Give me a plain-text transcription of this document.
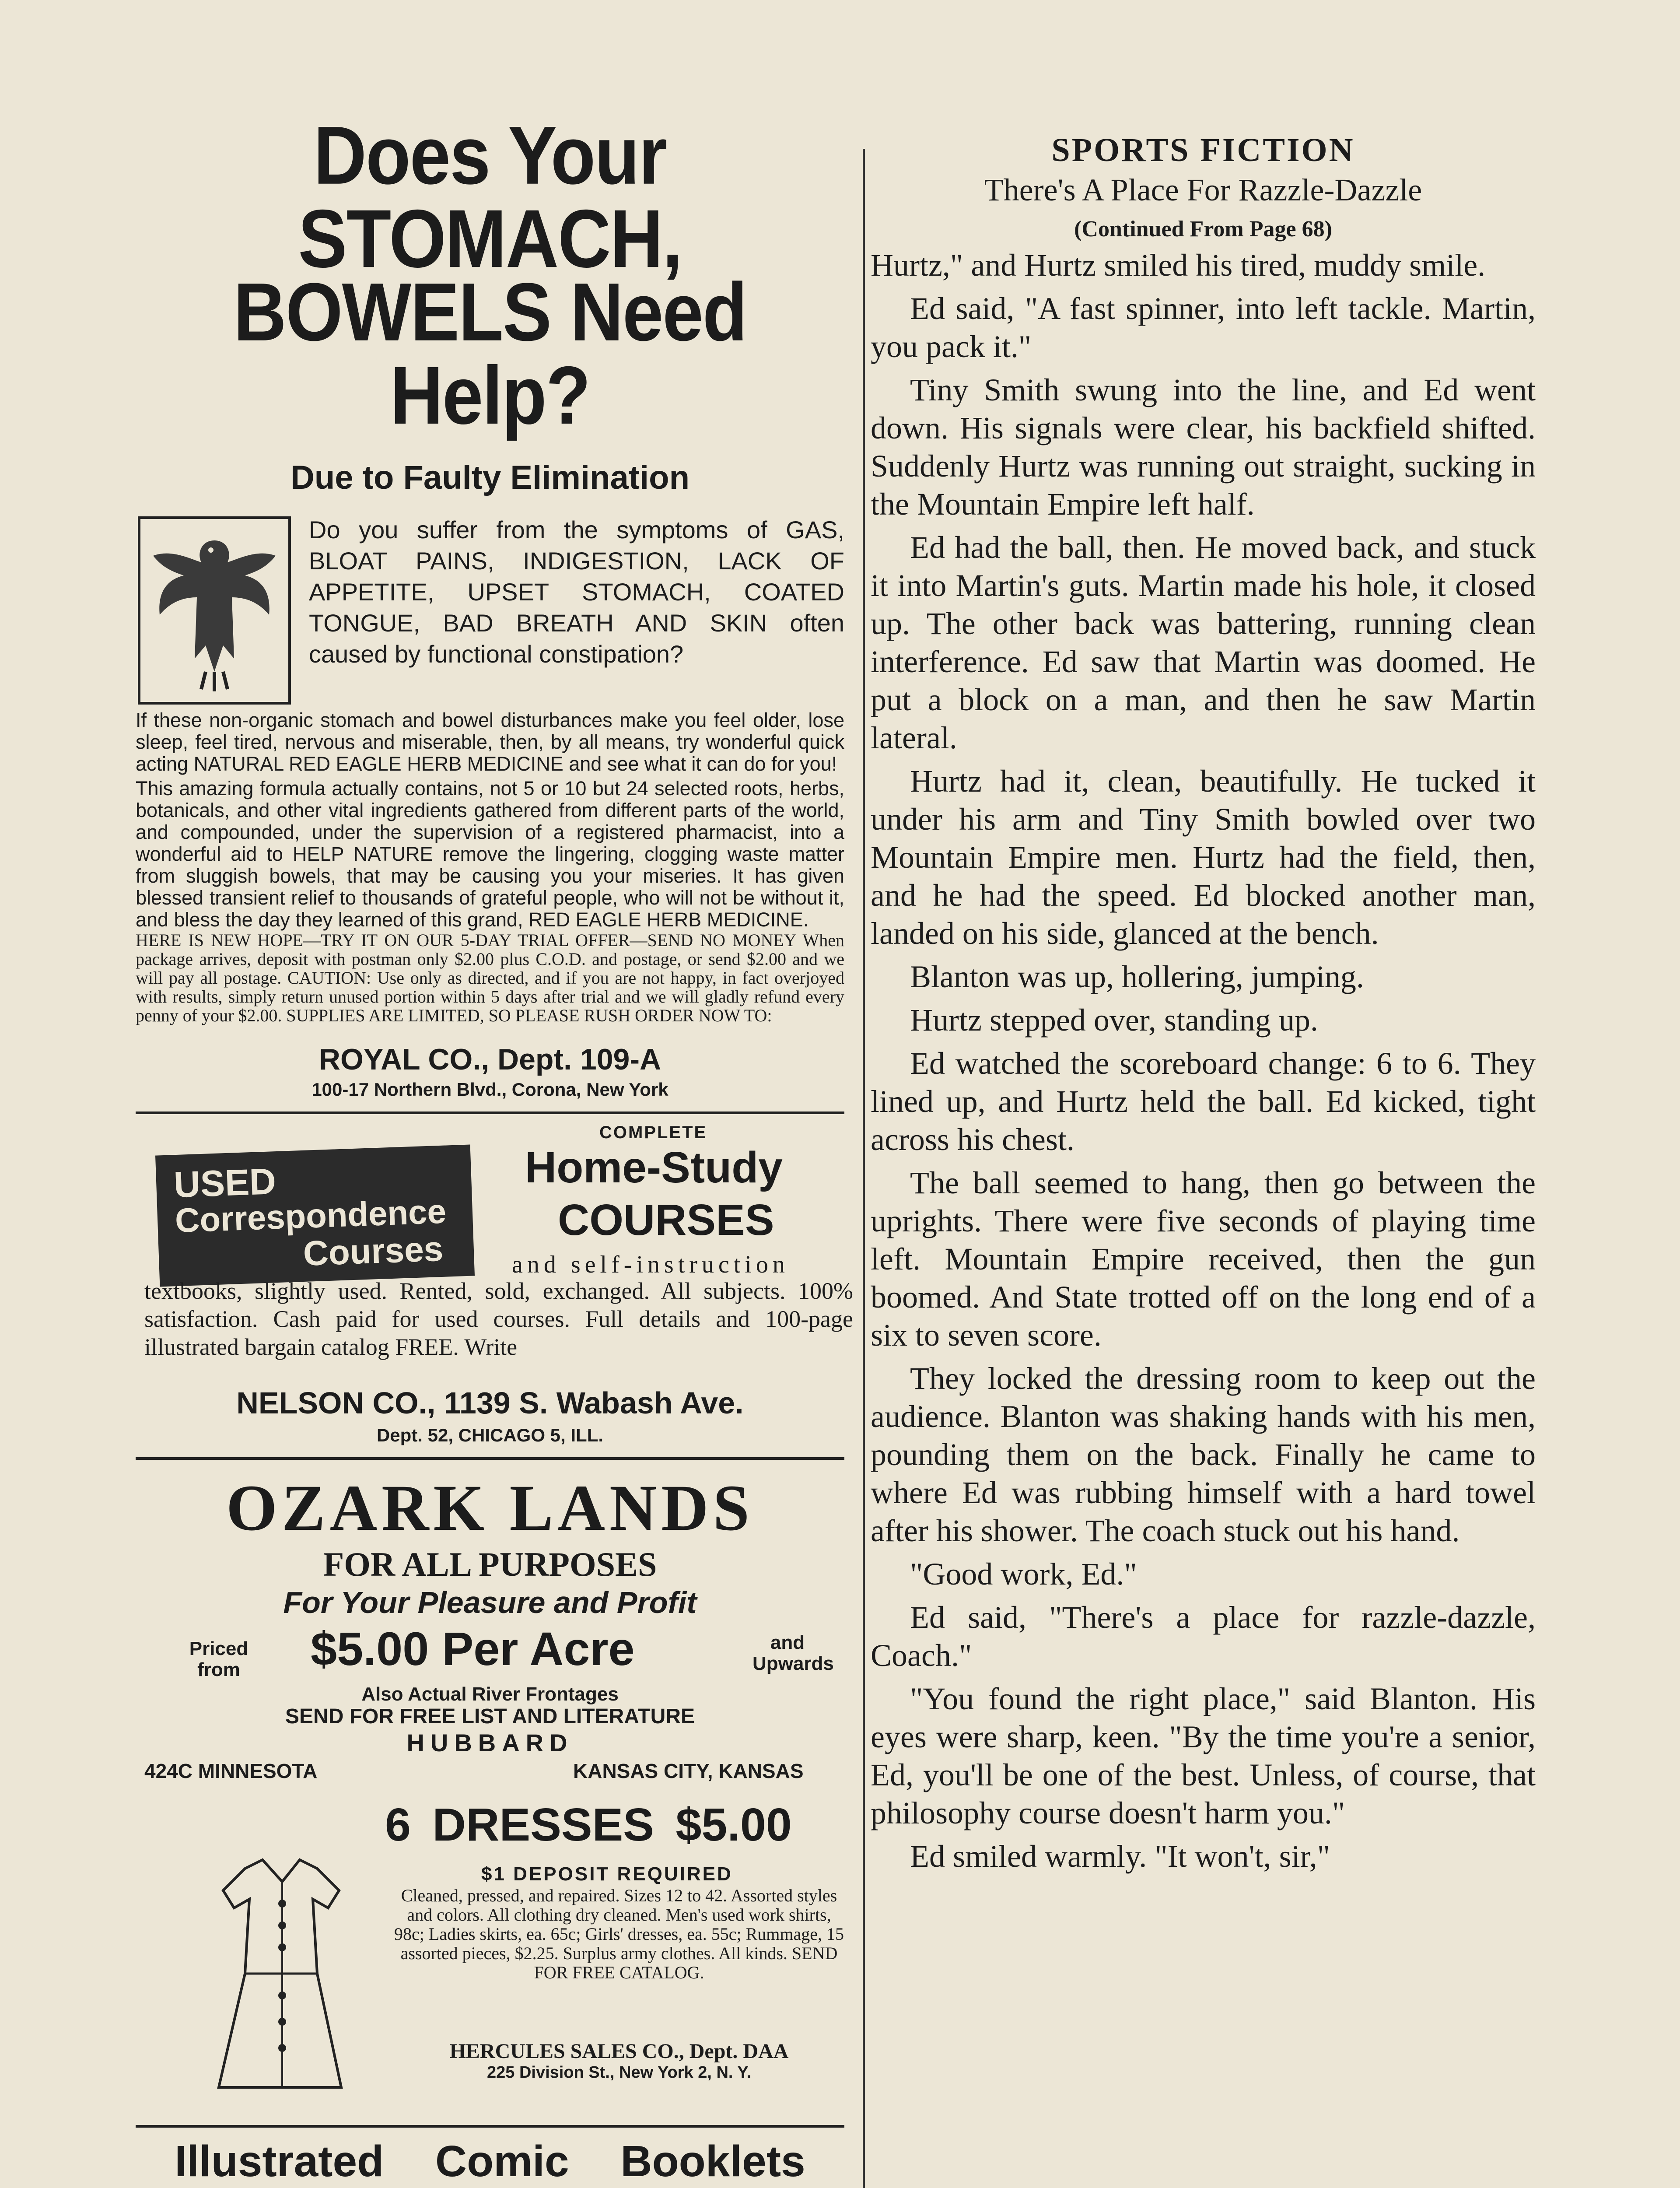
Does Your STOMACH,
BOWELS Need Help?
Due to Faulty Elimination
Do you suffer from the symptoms of GAS, BLOAT PAINS, INDIGESTION, LACK OF APPETITE, UPSET STOMACH, COATED TONGUE, BAD BREATH AND SKIN often caused by functional constipation?
If these non-organic stomach and bowel disturbances make you feel older, lose sleep, feel tired, nervous and miserable, then, by all means, try wonderful quick acting NATURAL RED EAGLE HERB MEDICINE and see what it can do for you!
This amazing formula actually contains, not 5 or 10 but 24 selected roots, herbs, botanicals, and other vital ingredients gathered from different parts of the world, and compounded, under the supervision of a registered pharmacist, into a wonderful aid to HELP NATURE remove the lingering, clogging waste matter from sluggish bowels, that may be causing you your miseries. It has given blessed transient relief to thousands of grateful people, who will not be without it, and bless the day they learned of this grand, RED EAGLE HERB MEDICINE.
HERE IS NEW HOPE—TRY IT ON OUR 5-DAY TRIAL OFFER—SEND NO MONEY When package arrives, deposit with postman only $2.00 plus C.O.D. and postage, or send $2.00 and we will pay all postage. CAUTION: Use only as directed, and if you are not happy, in fact overjoyed with results, simply return unused portion within 5 days after trial and we will gladly refund every penny of your $2.00. SUPPLIES ARE LIMITED, SO PLEASE RUSH ORDER NOW TO:
ROYAL CO., Dept. 109-A
100-17 Northern Blvd., Corona, New York
USED
Correspondence
Courses
COMPLETE
Home-Study
COURSES
and self-instruction
textbooks, slightly used. Rented, sold, exchanged. All subjects. 100% satisfaction. Cash paid for used courses. Full details and 100-page illustrated bargain catalog FREE. Write
NELSON CO., 1139 S. Wabash Ave.
Dept. 52, CHICAGO 5, ILL.
OZARK LANDS
FOR ALL PURPOSES
For Your Pleasure and Profit
Priced from	$5.00 Per Acre	and Upwards
Also Actual River Frontages
SEND FOR FREE LIST AND LITERATURE
HUBBARD
424C MINNESOTA	KANSAS CITY, KANSAS
6 DRESSES $5.00
$1 DEPOSIT REQUIRED
Cleaned, pressed, and repaired. Sizes 12 to 42. Assorted styles and colors. All clothing dry cleaned. Men's used work shirts, 98c; Ladies skirts, ea. 65c; Girls' dresses, ea. 55c; Rummage, 15 assorted pieces, $2.25. Surplus army clothes. All kinds. SEND FOR FREE CATALOG.
HERCULES SALES CO., Dept. DAA
225 Division St., New York 2, N. Y.
Illustrated Comic Booklets
SPORTS FICTION
There's A Place For Razzle-Dazzle
(Continued From Page 68)

Hurtz," and Hurtz smiled his tired, muddy smile.

Ed said, "A fast spinner, into left tackle. Martin, you pack it."

Tiny Smith swung into the line, and Ed went down. His signals were clear, his backfield shifted. Suddenly Hurtz was running out straight, sucking in the Mountain Empire left half.

Ed had the ball, then. He moved back, and stuck it into Martin's guts. Martin made his hole, it closed up. The other back was battering, running clean interference. Ed saw that Martin was doomed. He put a block on a man, and then he saw Martin lateral.

Hurtz had it, clean, beautifully. He tucked it under his arm and Tiny Smith bowled over two Mountain Empire men. Hurtz had the field, then, and he had the speed. Ed blocked another man, landed on his side, glanced at the bench.

Blanton was up, hollering, jumping.

Hurtz stepped over, standing up.

Ed watched the scoreboard change: 6 to 6. They lined up, and Hurtz held the ball. Ed kicked, tight across his chest.

The ball seemed to hang, then go between the uprights. There were five seconds of playing time left. Mountain Empire received, then the gun boomed. And State trotted off on the long end of a six to seven score.

They locked the dressing room to keep out the audience. Blanton was shaking hands with his men, pounding them on the back. Finally he came to where Ed was rubbing himself with a hard towel after his shower. The coach stuck out his hand.

"Good work, Ed."

Ed said, "There's a place for razzle-dazzle, Coach."

"You found the right place," said Blanton. His eyes were sharp, keen. "By the time you're a senior, Ed, you'll be one of the best. Unless, of course, that philosophy course doesn't harm you."

Ed smiled warmly. "It won't, sir,"
